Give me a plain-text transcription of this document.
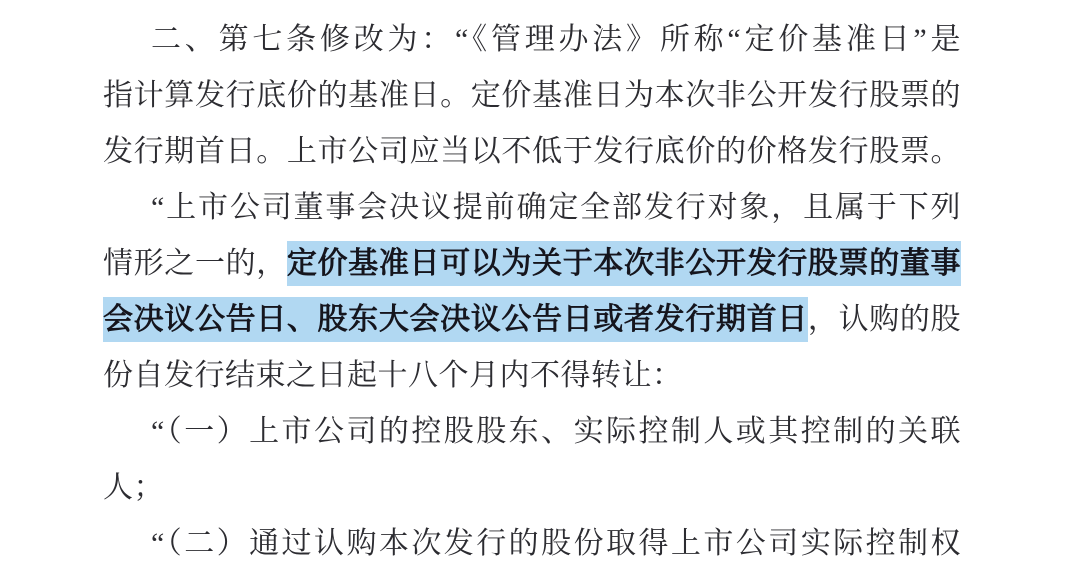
二、第七条修改为：“《管理办法》所称“定价基准日”是
指计算发行底价的基准日。定价基准日为本次非公开发行股票的
发行期首日。上市公司应当以不低于发行底价的价格发行股票。
“上市公司董事会决议提前确定全部发行对象，且属于下列
情形之一的，定价基准日可以为关于本次非公开发行股票的董事
会决议公告日、股东大会决议公告日或者发行期首日，认购的股
份自发行结束之日起十八个月内不得转让：
“（一）上市公司的控股股东、实际控制人或其控制的关联
人；
“（二）通过认购本次发行的股份取得上市公司实际控制权
